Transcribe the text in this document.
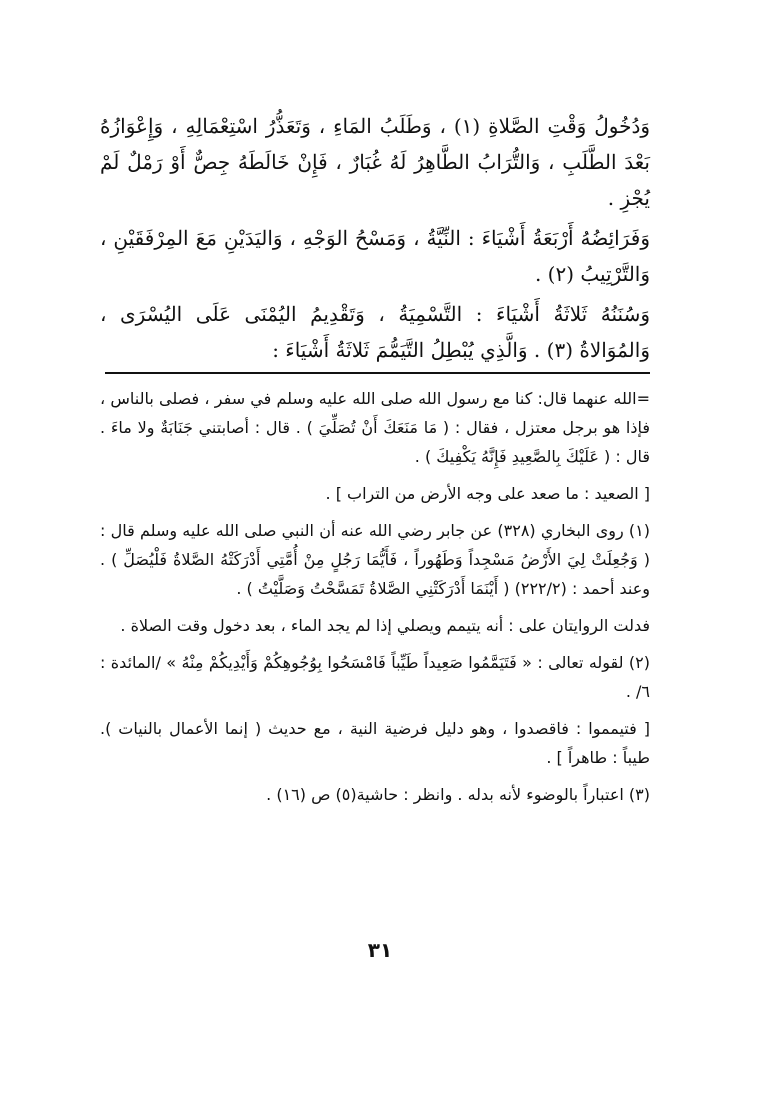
وَدُخُولُ وَقْتِ الصَّلاةِ (١) ، وَطَلَبُ المَاءِ ، وَتَعَذُّرُ اسْتِعْمَالِهِ ، وَإِعْوَازُهُ بَعْدَ الطَّلَبِ ، وَالتُّرَابُ الطَّاهِرُ لَهُ غُبَارٌ ، فَإِنْ خَالَطَهُ جِصٌّ أَوْ رَمْلٌ لَمْ يُجْزِ .

وَفَرَائِضُهُ أَرْبَعَةُ أَشْيَاءَ : النِّيَّةُ ، وَمَسْحُ الوَجْهِ ، وَاليَدَيْنِ مَعَ المِرْفَقَيْنِ ، وَالتَّرْتِيبُ (٢) .

وَسُنَنُهُ ثَلاثَةُ أَشْيَاءَ : التَّسْمِيَةُ ، وَتَقْدِيمُ اليُمْنَى عَلَى اليُسْرَى ، وَالمُوَالاةُ (٣) . وَالَّذِي يُبْطِلُ التَّيَمُّمَ ثَلاثَةُ أَشْيَاءَ :

=الله عنهما قال: كنا مع رسول الله صلى الله عليه وسلم في سفر ، فصلى بالناس ، فإذا هو برجل معتزل ، فقال : ( مَا مَنَعَكَ أَنْ تُصَلِّيَ ) . قال : أصابتني جَنَابَةٌ ولا ماءَ . قال : ( عَلَيْكَ بِالصَّعِيدِ فَإِنَّهُ يَكْفِيكَ ) .

[ الصعيد : ما صعد على وجه الأرض من التراب ] .

(١) روى البخاري (٣٢٨) عن جابر رضي الله عنه أن النبي صلى الله عليه وسلم قال : ( وَجُعِلَتْ لِيَ الأَرْضُ مَسْجِداً وَطَهُوراً ، فَأَيُّمَا رَجُلٍ مِنْ أُمَّتِي أَدْرَكَتْهُ الصَّلاةُ فَلْيُصَلِّ ) . وعند أحمد : (٢٢٢/٢) ( أَيْنَمَا أَدْرَكَتْنِي الصَّلاةُ تَمَسَّحْتُ وَصَلَّيْتُ ) .

فدلت الروايتان على : أنه يتيمم ويصلي إذا لم يجد الماء ، بعد دخول وقت الصلاة .

(٢) لقوله تعالى : « فَتَيَمَّمُوا صَعِيداً طَيِّباً فَامْسَحُوا بِوُجُوهِكُمْ وَأَيْدِيكُمْ مِنْهُ » /المائدة : ٦/ .

[ فتيمموا : فاقصدوا ، وهو دليل فرضية النية ، مع حديث ( إنما الأعمال بالنيات ). طيباً : طاهراً ] .

(٣) اعتباراً بالوضوء لأنه بدله . وانظر : حاشية(٥) ص (١٦) .

٣١
